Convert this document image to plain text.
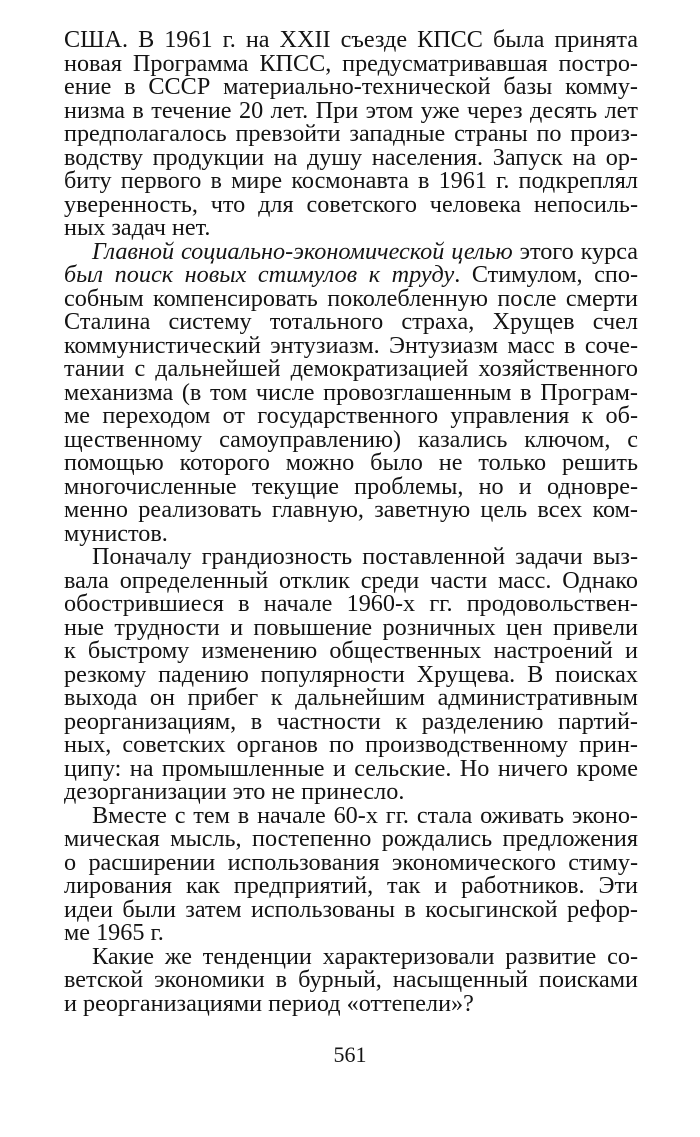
США. В 1961 г. на XXII съезде КПСС была принята
новая Программа КПСС, предусматривавшая постро-
ение в СССР материально-технической базы комму-
низма в течение 20 лет. При этом уже через десять лет
предполагалось превзойти западные страны по произ-
водству продукции на душу населения. Запуск на ор-
биту первого в мире космонавта в 1961 г. подкреплял
уверенность, что для советского человека непосиль-
ных задач нет.
Главной социально-экономической целью этого курса
был поиск новых стимулов к труду. Стимулом, спо-
собным компенсировать поколебленную после смерти
Сталина систему тотального страха, Хрущев счел
коммунистический энтузиазм. Энтузиазм масс в соче-
тании с дальнейшей демократизацией хозяйственного
механизма (в том числе провозглашенным в Програм-
ме переходом от государственного управления к об-
щественному самоуправлению) казались ключом, с
помощью которого можно было не только решить
многочисленные текущие проблемы, но и одновре-
менно реализовать главную, заветную цель всех ком-
мунистов.
Поначалу грандиозность поставленной задачи выз-
вала определенный отклик среди части масс. Однако
обострившиеся в начале 1960-х гг. продовольствен-
ные трудности и повышение розничных цен привели
к быстрому изменению общественных настроений и
резкому падению популярности Хрущева. В поисках
выхода он прибег к дальнейшим административным
реорганизациям, в частности к разделению партий-
ных, советских органов по производственному прин-
ципу: на промышленные и сельские. Но ничего кроме
дезорганизации это не принесло.
Вместе с тем в начале 60-х гг. стала оживать эконо-
мическая мысль, постепенно рождались предложения
о расширении использования экономического стиму-
лирования как предприятий, так и работников. Эти
идеи были затем использованы в косыгинской рефор-
ме 1965 г.
Какие же тенденции характеризовали развитие со-
ветской экономики в бурный, насыщенный поисками
и реорганизациями период «оттепели»?
561
